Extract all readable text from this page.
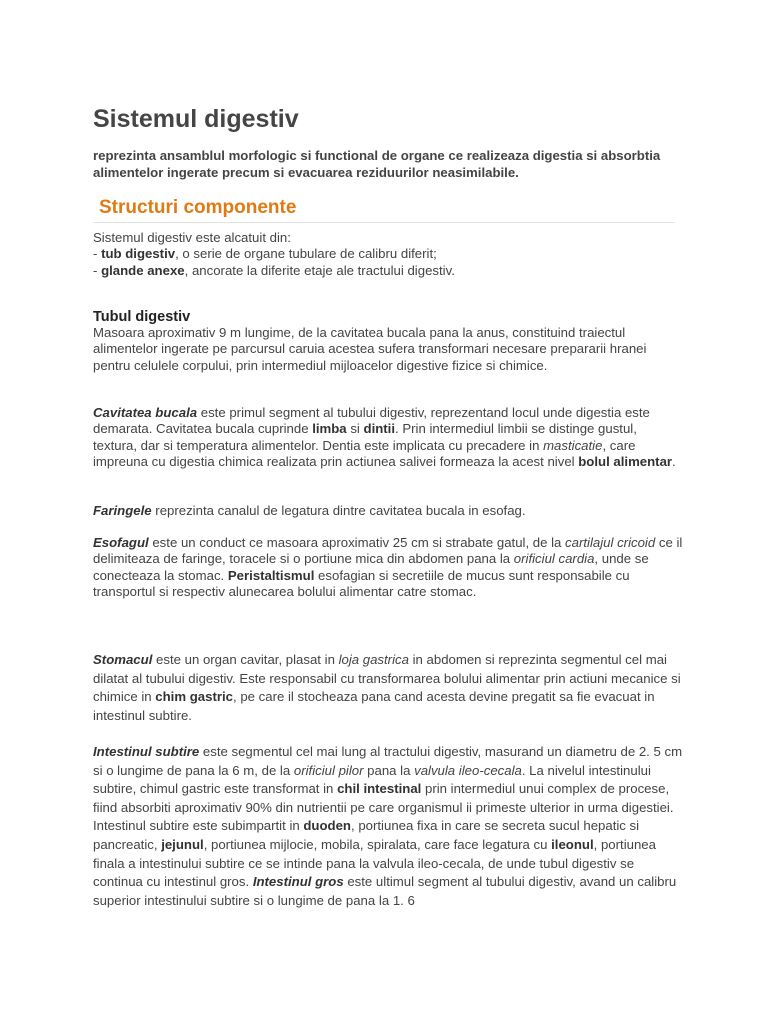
Sistemul digestiv

reprezinta ansamblul morfologic si functional de organe ce realizeaza digestia si absorbtia alimentelor ingerate precum si evacuarea reziduurilor neasimilabile.

Structuri componente

Sistemul digestiv este alcatuit din:
- tub digestiv, o serie de organe tubulare de calibru diferit;
- glande anexe, ancorate la diferite etaje ale tractului digestiv.

Tubul digestiv

Masoara aproximativ 9 m lungime, de la cavitatea bucala pana la anus, constituind traiectul alimentelor ingerate pe parcursul caruia acestea sufera transformari necesare prepararii hranei pentru celulele corpului, prin intermediul mijloacelor digestive fizice si chimice.

Cavitatea bucala este primul segment al tubului digestiv, reprezentand locul unde digestia este demarata. Cavitatea bucala cuprinde limba si dintii. Prin intermediul limbii se distinge gustul, textura, dar si temperatura alimentelor. Dentia este implicata cu precadere in masticatie, care impreuna cu digestia chimica realizata prin actiunea salivei formeaza la acest nivel bolul alimentar.

Faringele reprezinta canalul de legatura dintre cavitatea bucala in esofag.

Esofagul este un conduct ce masoara aproximativ 25 cm si strabate gatul, de la cartilajul cricoid ce il delimiteaza de faringe, toracele si o portiune mica din abdomen pana la orificiul cardia, unde se conecteaza la stomac. Peristaltismul esofagian si secretiile de mucus sunt responsabile cu transportul si respectiv alunecarea bolului alimentar catre stomac.

Stomacul este un organ cavitar, plasat in loja gastrica in abdomen si reprezinta segmentul cel mai dilatat al tubului digestiv. Este responsabil cu transformarea bolului alimentar prin actiuni mecanice si chimice in chim gastric, pe care il stocheaza pana cand acesta devine pregatit sa fie evacuat in intestinul subtire.

Intestinul subtire este segmentul cel mai lung al tractului digestiv, masurand un diametru de 2. 5 cm si o lungime de pana la 6 m, de la orificiul pilor pana la valvula ileo-cecala. La nivelul intestinului subtire, chimul gastric este transformat in chil intestinal prin intermediul unui complex de procese, fiind absorbiti aproximativ 90% din nutrientii pe care organismul ii primeste ulterior in urma digestiei. Intestinul subtire este subimpartit in duoden, portiunea fixa in care se secreta sucul hepatic si pancreatic, jejunul, portiunea mijlocie, mobila, spiralata, care face legatura cu ileonul, portiunea finala a intestinului subtire ce se intinde pana la valvula ileo-cecala, de unde tubul digestiv se continua cu intestinul gros. Intestinul gros este ultimul segment al tubului digestiv, avand un calibru superior intestinului subtire si o lungime de pana la 1. 6
